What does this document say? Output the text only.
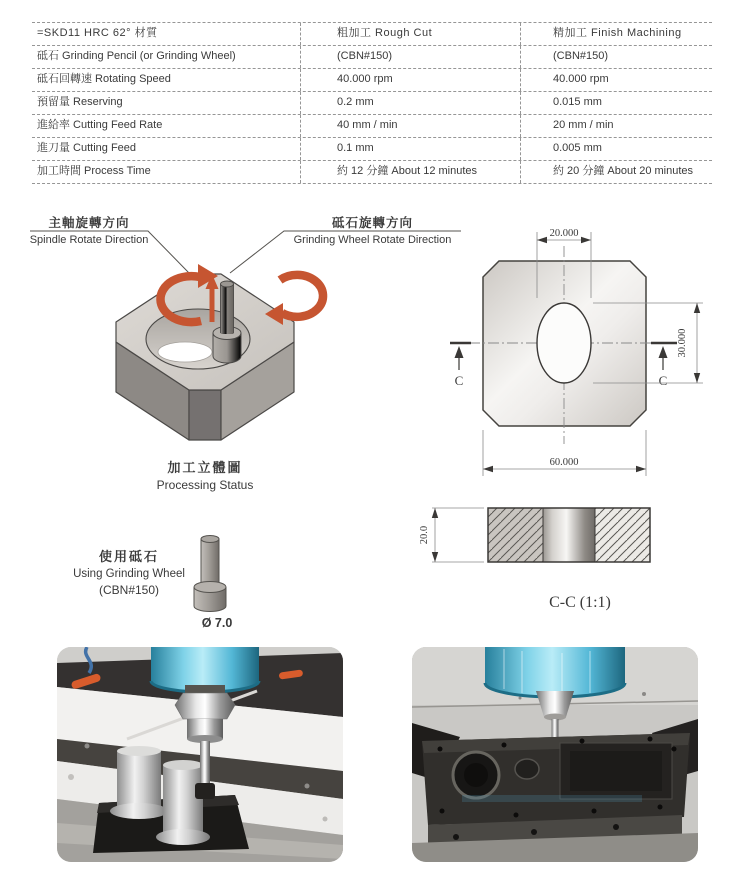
=SKD11 HRC 62° 材質	粗加工 Rough Cut	精加工 Finish Machining
砥石 Grinding Pencil (or Grinding Wheel)	(CBN#150)	(CBN#150)
砥石回轉速 Rotating Speed	40.000 rpm	40.000 rpm
預留量 Reserving	0.2 mm	0.015 mm
進給率 Cutting Feed Rate	40 mm / min	20 mm / min
進刀量 Cutting Feed	0.1 mm	0.005 mm
加工時間 Process Time	約 12 分鐘 About 12 minutes	約 20 分鐘 About 20 minutes
主軸旋轉方向
Spindle Rotate Direction
砥石旋轉方向
Grinding Wheel Rotate Direction
加工立體圖
Processing Status
C	C
20.000
30.000
60.000
20.0
C-C (1:1)
使用砥石
Using Grinding Wheel
(CBN#150)
Ø 7.0
